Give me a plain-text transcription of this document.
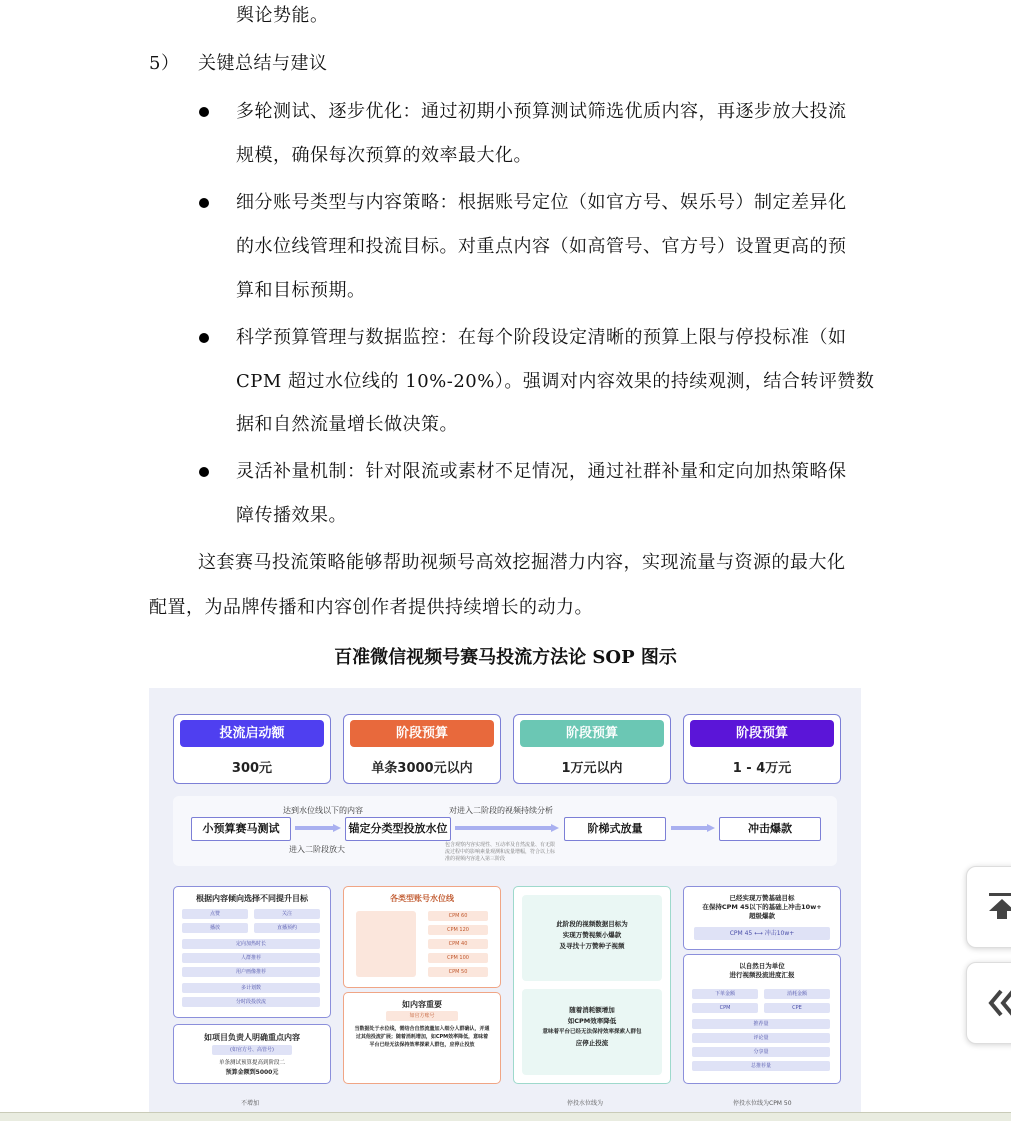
舆论势能。
5） 关键总结与建议
多轮测试、逐步优化：通过初期小预算测试筛选优质内容，再逐步放大投流
规模，确保每次预算的效率最大化。
细分账号类型与内容策略：根据账号定位（如官方号、娱乐号）制定差异化
的水位线管理和投流目标。对重点内容（如高管号、官方号）设置更高的预
算和目标预期。
科学预算管理与数据监控：在每个阶段设定清晰的预算上限与停投标准（如
CPM 超过水位线的 10%-20%）。强调对内容效果的持续观测，结合转评赞数
据和自然流量增长做决策。
灵活补量机制：针对限流或素材不足情况，通过社群补量和定向加热策略保
障传播效果。
这套赛马投流策略能够帮助视频号高效挖掘潜力内容，实现流量与资源的最大化
配置，为品牌传播和内容创作者提供持续增长的动力。
百准微信视频号赛马投流方法论 SOP 图示
投流启动额
300元
阶段预算
单条3000元以内
阶段预算
1万元以内
阶段预算
1 - 4万元
小预算赛马测试	锚定分类型投放水位	阶梯式放量	冲击爆款
达到水位线以下的内容
进入二阶段放大
对进入二阶段的视频持续分析
包含观察内容实现性、互动率及自然流量、有无限流过程中的影响素量观测和流量增幅，符合以上标准的视频内容进入第三阶段
根据内容倾向选择不同提升目标
点赞	关注
播放	直播预约
定向加热时长
人群推荐
用户画像推荐
多计划数
分时段投放流
如项目负责人明确重点内容
(如官方号、高管号)
单条测试预算提高到阶段二
预算金额到5000元
不增加
各类型账号水位线
CPM 60
CPM 120
CPM 40
CPM 100
CPM 50
如内容重要
如官方账号
当数据处于水位线，需结合自然流量加入细分人群确认，并通过其他投流扩展；随着消耗增加，如CPM效率降低，意味着平台已经无法保持效率探索人群包，应停止投放
此阶段的视频数据目标为
实现万赞视频小爆款
及寻找十万赞种子视频
随着消耗额增加
如CPM效率降低
意味着平台已经无法保持效率探索人群包
应停止投流
停投水位线为
已经实现万赞基础目标
在保持CPM 45以下的基础上冲击10w+
超级爆款
CPM 45 ⟷ 冲击10w+
以自然日为单位
进行视频投流进度汇报
下单金额	消耗金额
CPM	CPE
推荐量
评论量
分享量
总推荐量
停投水位线为CPM 50
